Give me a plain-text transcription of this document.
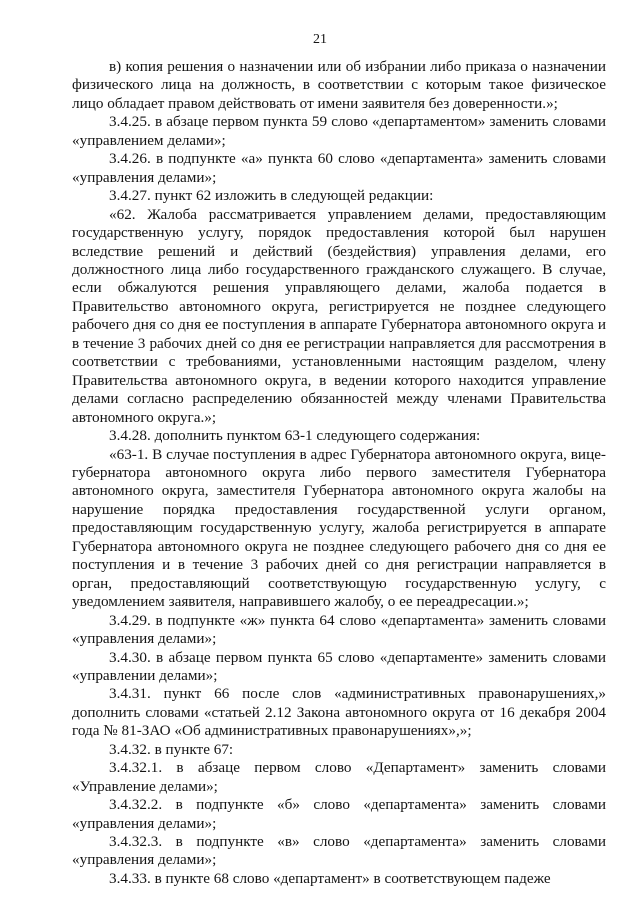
21

в) копия решения о назначении или об избрании либо приказа о назначении физического лица на должность, в соответствии с которым такое физическое лицо обладает правом действовать от имени заявителя без доверенности.»;

3.4.25. в абзаце первом пункта 59 слово «департаментом» заменить словами «управлением делами»;

3.4.26. в подпункте «а» пункта 60 слово «департамента» заменить словами «управления делами»;

3.4.27. пункт 62 изложить в следующей редакции:

«62. Жалоба рассматривается управлением делами, предоставляющим государственную услугу, порядок предоставления которой был нарушен вследствие решений и действий (бездействия) управления делами, его должностного лица либо государственного гражданского служащего. В случае, если обжалуются решения управляющего делами, жалоба подается в Правительство автономного округа, регистрируется не позднее следующего рабочего дня со дня ее поступления в аппарате Губернатора автономного округа и в течение 3 рабочих дней со дня ее регистрации направляется для рассмотрения в соответствии с требованиями, установленными настоящим разделом, члену Правительства автономного округа, в ведении которого находится управление делами согласно распределению обязанностей между членами Правительства автономного округа.»;

3.4.28. дополнить пунктом 63-1 следующего содержания:

«63-1. В случае поступления в адрес Губернатора автономного округа, вице-губернатора автономного округа либо первого заместителя Губернатора автономного округа, заместителя Губернатора автономного округа жалобы на нарушение порядка предоставления государственной услуги органом, предоставляющим государственную услугу, жалоба регистрируется в аппарате Губернатора автономного округа не позднее следующего рабочего дня со дня ее поступления и в течение 3 рабочих дней со дня регистрации направляется в орган, предоставляющий соответствующую государственную услугу, с уведомлением заявителя, направившего жалобу, о ее переадресации.»;

3.4.29. в подпункте «ж» пункта 64 слово «департамента» заменить словами «управления делами»;

3.4.30. в абзаце первом пункта 65 слово «департаменте» заменить словами «управлении делами»;

3.4.31. пункт 66 после слов «административных правонарушениях,» дополнить словами «статьей 2.12 Закона автономного округа от 16 декабря 2004 года № 81-ЗАО «Об административных правонарушениях»,»;

3.4.32. в пункте 67:

3.4.32.1. в абзаце первом слово «Департамент» заменить словами «Управление делами»;

3.4.32.2. в подпункте «б» слово «департамента» заменить словами «управления делами»;

3.4.32.3. в подпункте «в» слово «департамента» заменить словами «управления делами»;

3.4.33. в пункте 68 слово «департамент» в соответствующем падеже
